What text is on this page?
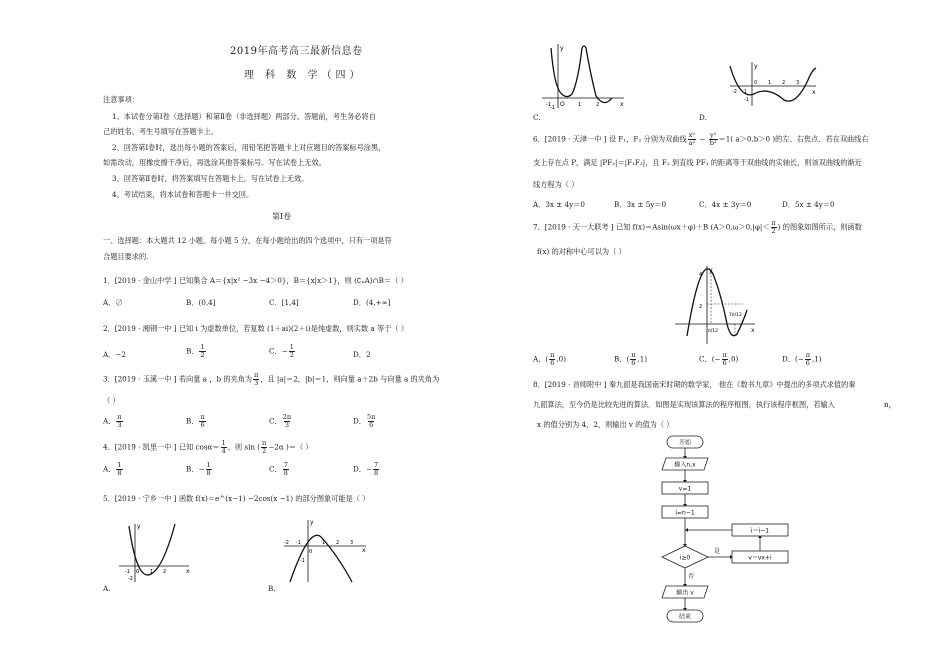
2019年高考高三最新信息卷
理 科 数 学（四）
注意事项：
1、本试卷分第Ⅰ卷（选择题）和第Ⅱ卷（非选择题）两部分。答题前，考生务必将自
己的姓名、考生号填写在答题卡上。
2、回答第Ⅰ卷时，选出每小题的答案后，用铅笔把答题卡上对应题目的答案标号涂黑，
如需改动，用橡皮擦干净后，再选涂其他答案标号。写在试卷上无效。
3、回答第Ⅱ卷时，将答案填写在答题卡上，写在试卷上无效。
4、考试结束，将本试卷和答题卡一并交回。
第Ⅰ卷
一、选择题：本大题共 12 小题，每小题 5 分，在每小题给出的四个选项中，只有一项是符
合题目要求的.
1．[2019 · 金山中学 ] 已知集合 A＝{x|x² −3x −4＞0}，B＝{x|x＞1}，则 (∁ₙA)∩B＝（ ）
A．∅	B．(0,4]	C．[1,4]	D．(4,+∞]
2．[2019 · 湘钢一中 ] 已知 i 为虚数单位，若复数 (1＋ai)(2＋i)是纯虚数，则实数 a 等于（ ）
A．−2	B． $\frac{1}{2}$	C．− $\frac{1}{2}$	D．2
3．[2019 · 玉溪一中 ] 若向量 a ，b 的夹角为 $\frac{\pi}{3}$ ，且 |a|＝2，|b|＝1，则向量 a＋2b 与向量 a 的夹角为
（ ）
A． $\frac{\pi}{3}$	B． $\frac{\pi}{6}$	C． $\frac{2\pi}{3}$	D． $\frac{5\pi}{6}$
4．[2019 · 凯里一中 ] 已知 $\cos\alpha= \frac{1}{4}$ ，则 sin ( $\frac{\pi}{2} -2\alpha$ )＝（ ）
A． $\frac{1}{8}$	B．− $\frac{1}{8}$	C． $\frac{7}{8}$	D．− $\frac{7}{8}$
5．[2019 · 宁乡一中 ] 函数 f(x)＝e^(x−1) −2cos(x −1) 的部分图象可能是（ ）
x
y
-1 0 1 2
-2
A.
x
y
-2 -1
0
1 2 3
-1
B.
x
y
-1 O	1	2
-1
C.
x
y
-2 -1
0 1 2 3
-1
D.
6．[2019 · 天津一中 ] 设 F₁，F₂ 分别为双曲线 $\frac{\text{x²}}{\text{a²}} - \frac{\text{y²}}{\text{b²}} =1$( a＞0,b＞0 )的左、右焦点．若在双曲线右
支上存在点 P，满足 |PF₂|＝|F₁F₂|，且 F₂ 到直线 PF₁ 的距离等于双曲线的实轴长，则该双曲线的渐近
线方程为（ ）
A．3x ± 4y＝0	B．3x ± 5y＝0	C．4x ± 3y＝0	D．5x ± 4y＝0
7．[2019 · 天一大联考 ] 已知 f(x)＝Asin(ωx＋φ)＋B ($A>0,\omega>0,|\varphi|< \frac{\pi}{2}$ ) 的图象如图所示，则函数
f(x) 的对称中心可以为（ ）
y
x
4
2
π/12
7π/12
A．( $\frac{\pi}{6} ,0$)	B．( $\frac{\pi}{6} ,1$)	C．(− $\frac{\pi}{6} ,0$)	D．(− $\frac{\pi}{6} ,1$)
8．[2019 · 首师附中 ] 秦九韶是我国南宋时期的数学家， 他在《数书九章》中提出的多项式求值的秦
九韶算法，至今仍是比较先进的算法．如图是实现该算法的程序框图，执行该程序框图，若输入	n，
x 的值分别为 4，2，则输出 v 的值为（ ）
开始
输入n,x
v=1
i=n−1
i＝i−1
i≥0
是
否
v＝vx+i
输出 v
结束
